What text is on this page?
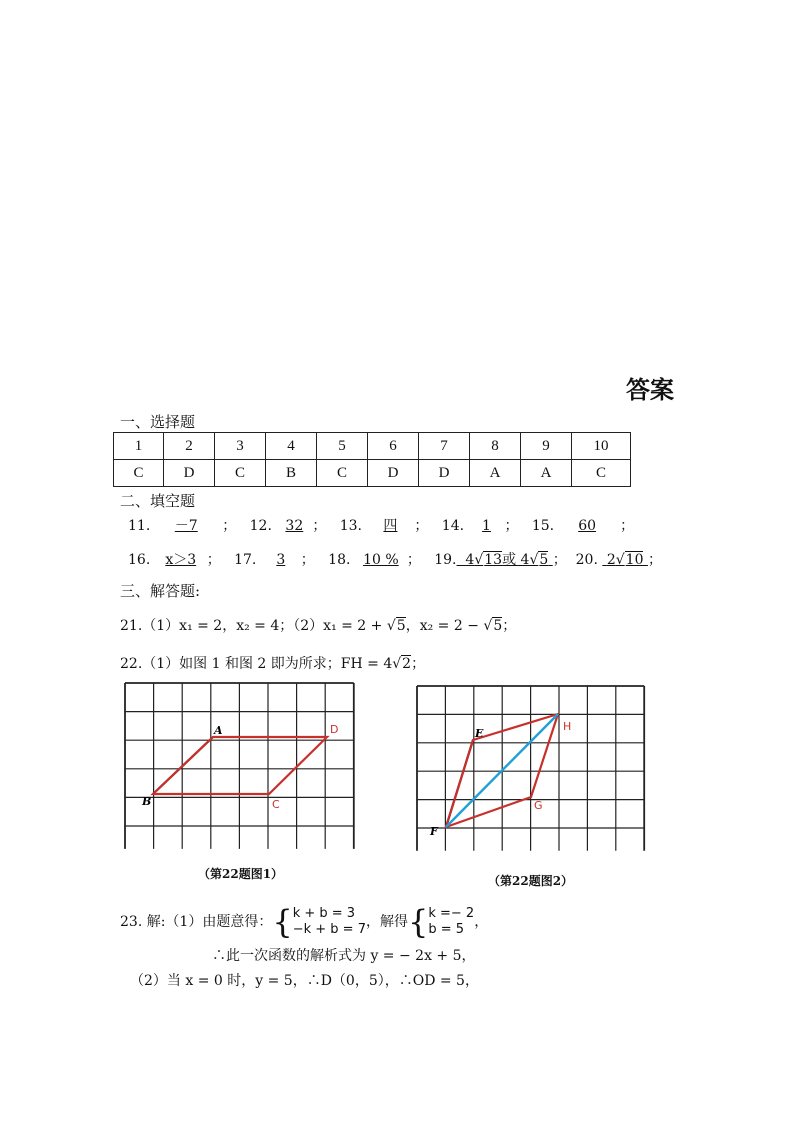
答案
一、选择题
1	2	3	4	5	6	7	8	9	10
C	D	C	B	C	D	D	A	A	C
二、填空题
11. －7 ； 12. 32 ； 13. 四 ； 14. 1 ； 15. 60 ；
16. x＞3 ； 17. 3 ； 18. 10 % ； 19. 4√13或 4√5 ； 20. 2√10 ；
三、解答题:
21.（1）x₁ = 2，x₂ = 4；（2）x₁ = 2 + √5，x₂ = 2 − √5；
22.（1）如图 1 和图 2 即为所求；FH = 4√2；
A
B	C
D
（第22题图1）
E
F
G
H
（第22题图2）
23. 解:（1）由题意得：{k + b = 3
−k + b = 7，解得{k =− 2
b = 5 ，
∴此一次函数的解析式为 y = − 2x + 5，
（2）当 x = 0 时，y = 5，∴D（0，5），∴OD = 5，
